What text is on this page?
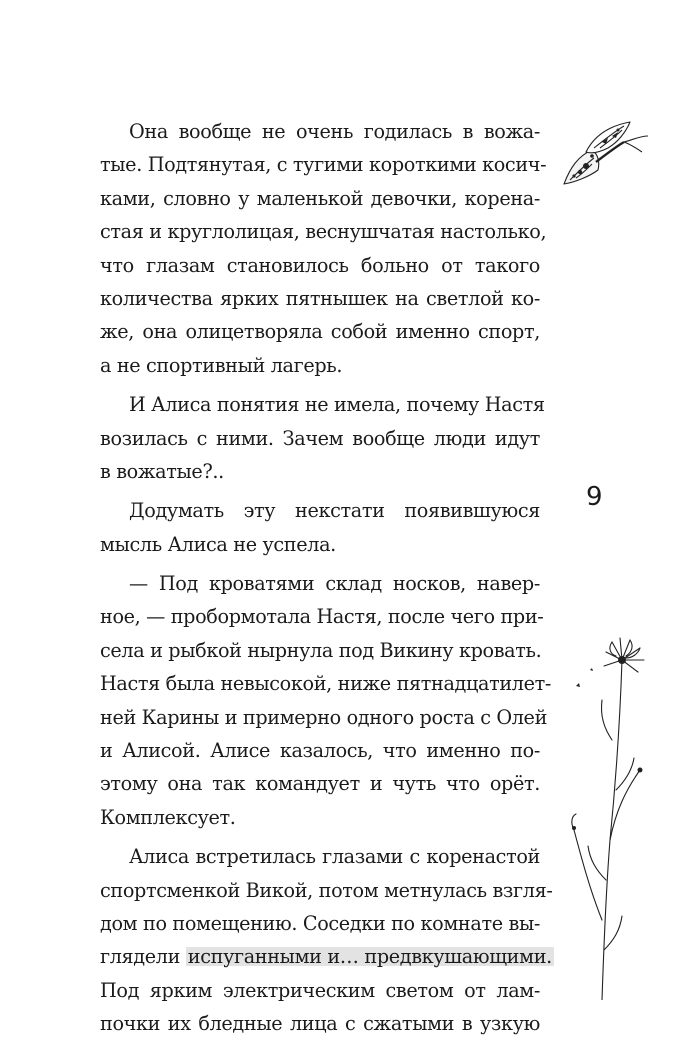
Она вообще не очень годилась в вожа-
тые. Подтянутая, с тугими короткими косич-
ками, словно у маленькой девочки, корена-
стая и круглолицая, веснушчатая настолько,
что глазам становилось больно от такого
количества ярких пятнышек на светлой ко-
же, она олицетворяла собой именно спорт,
а не спортивный лагерь.

И Алиса понятия не имела, почему Настя
возилась с ними. Зачем вообще люди идут
в вожатые?..

Додумать эту некстати появившуюся
мысль Алиса не успела.

— Под кроватями склад носков, навер-
ное, — пробормотала Настя, после чего при-
села и рыбкой нырнула под Викину кровать.
Настя была невысокой, ниже пятнадцатилет-
ней Карины и примерно одного роста с Олей
и Алисой. Алисе казалось, что именно по-
этому она так командует и чуть что орёт.
Комплексует.

Алиса встретилась глазами с коренастой
спортсменкой Викой, потом метнулась взгля-
дом по помещению. Соседки по комнате вы-
глядели испуганными и… предвкушающими.
Под ярким электрическим светом от лам-
почки их бледные лица с сжатыми в узкую

9
